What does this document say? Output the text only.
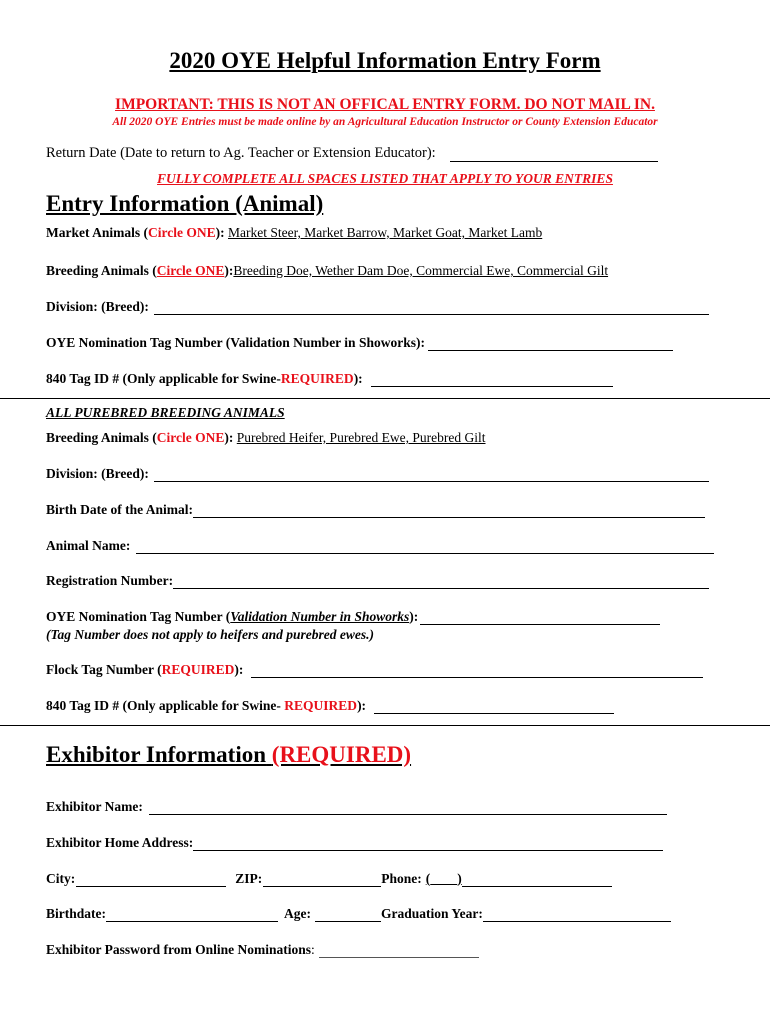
2020 OYE Helpful Information Entry Form
IMPORTANT: THIS IS NOT AN OFFICAL ENTRY FORM. DO NOT MAIL IN.
All 2020 OYE Entries must be made online by an Agricultural Education Instructor or County Extension Educator
Return Date (Date to return to Ag. Teacher or Extension Educator):
FULLY COMPLETE ALL SPACES LISTED THAT APPLY TO YOUR ENTRIES
Entry Information (Animal)
Market Animals ( Circle ONE ):
Market Steer, Market Barrow, Market Goat, Market Lamb
Breeding Animals ( Circle ONE ): Breeding Doe, Wether Dam Doe, Commercial Ewe, Commercial Gilt
Division: (Breed):
OYE Nomination Tag Number (Validation Number in Showorks):
840 Tag ID # (Only applicable for Swine- REQUIRED ):
ALL PUREBRED BREEDING ANIMALS
Breeding Animals ( Circle ONE ):
Purebred Heifer, Purebred Ewe, Purebred Gilt
Division: (Breed):
Birth Date of the Animal:
Animal Name:
Registration Number:
OYE Nomination Tag Number ( Validation Number in Showorks ):
(Tag Number does not apply to heifers and purebred ewes.)
Flock Tag Number ( REQUIRED ):
840 Tag ID # (Only applicable for Swine-
REQUIRED ):
Exhibitor Information (REQUIRED)
Exhibitor Name:
Exhibitor Home Address:
City:	ZIP:	Phone: ( )
Birthdate:	Age:	Graduation Year:
Exhibitor Password from Online Nominations :
